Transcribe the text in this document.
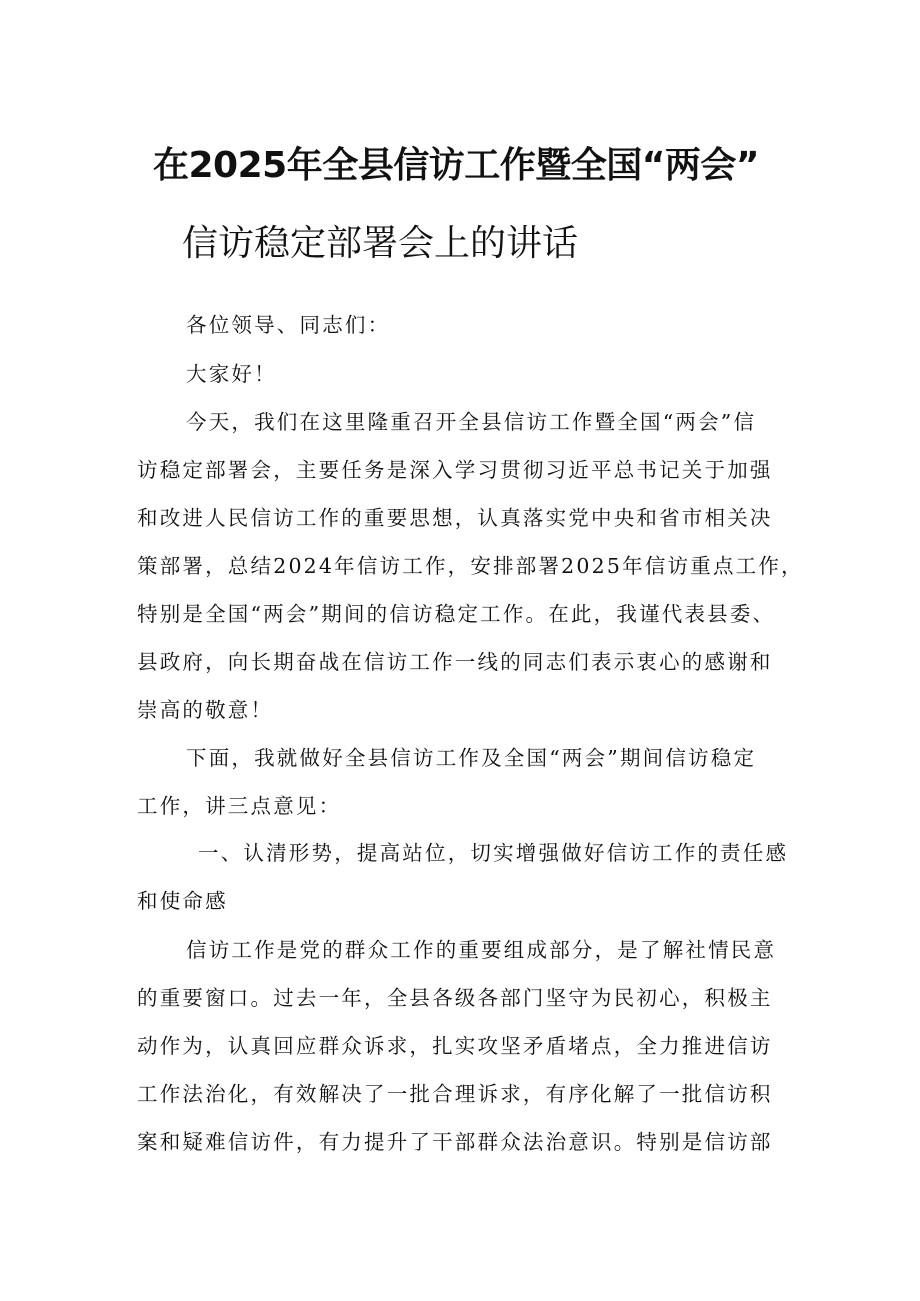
在2025年全县信访工作暨全国“两会”
信访稳定部署会上的讲话
各位领导、同志们：
大家好！
今天，我们在这里隆重召开全县信访工作暨全国“两会”信
访稳定部署会，主要任务是深入学习贯彻习近平总书记关于加强
和改进人民信访工作的重要思想，认真落实党中央和省市相关决
策部署，总结2024年信访工作，安排部署2025年信访重点工作，
特别是全国“两会”期间的信访稳定工作。在此，我谨代表县委、
县政府，向长期奋战在信访工作一线的同志们表示衷心的感谢和
崇高的敬意！
下面，我就做好全县信访工作及全国“两会”期间信访稳定
工作，讲三点意见：
一、认清形势，提高站位，切实增强做好信访工作的责任感
和使命感
信访工作是党的群众工作的重要组成部分，是了解社情民意
的重要窗口。过去一年，全县各级各部门坚守为民初心，积极主
动作为，认真回应群众诉求，扎实攻坚矛盾堵点，全力推进信访
工作法治化，有效解决了一批合理诉求，有序化解了一批信访积
案和疑难信访件，有力提升了干部群众法治意识。特别是信访部
